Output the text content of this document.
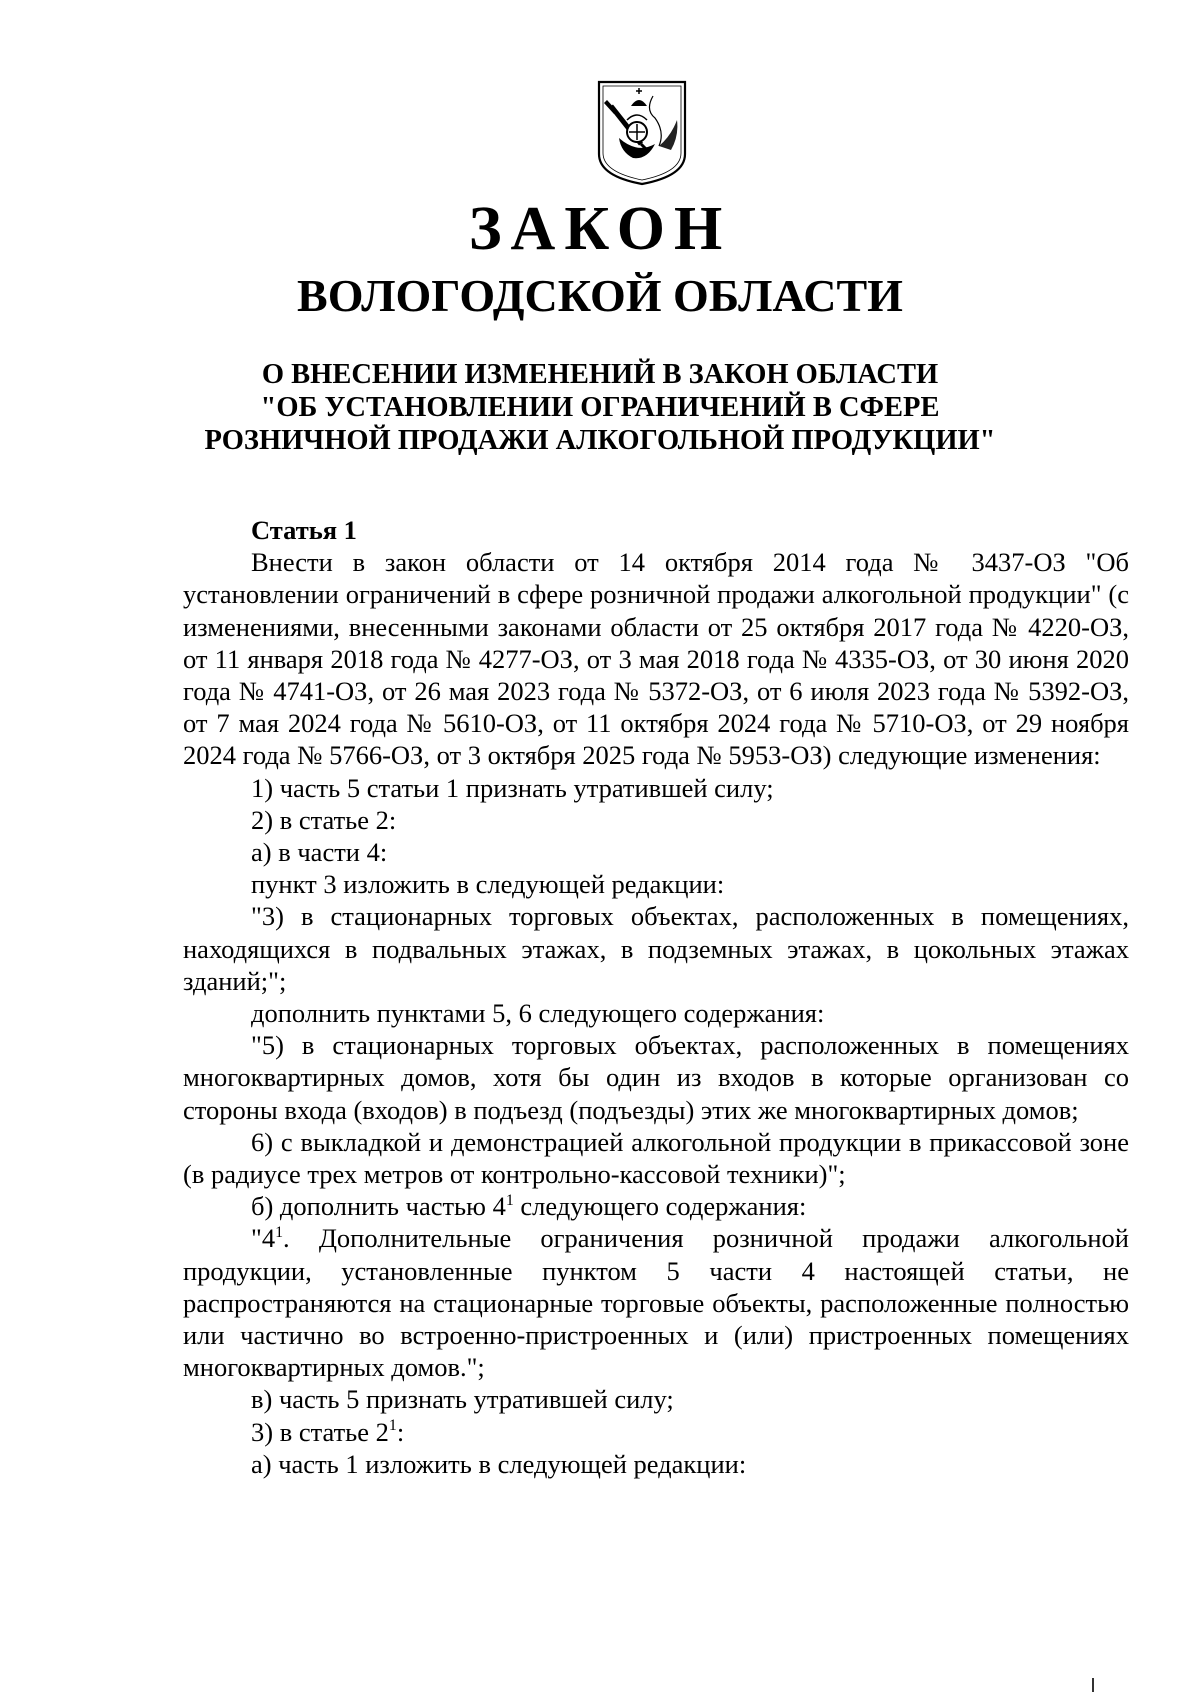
ЗАКОН
ВОЛОГОДСКОЙ ОБЛАСТИ
О ВНЕСЕНИИ ИЗМЕНЕНИЙ В ЗАКОН ОБЛАСТИ
"ОБ УСТАНОВЛЕНИИ ОГРАНИЧЕНИЙ В СФЕРЕ
РОЗНИЧНОЙ ПРОДАЖИ АЛКОГОЛЬНОЙ ПРОДУКЦИИ"

Статья 1

Внести в закон области от 14 октября 2014 года № 3437-ОЗ "Об установлении ограничений в сфере розничной продажи алкогольной продукции" (с изменениями, внесенными законами области от 25 октября 2017 года № 4220-ОЗ, от 11 января 2018 года № 4277-ОЗ, от 3 мая 2018 года № 4335-ОЗ, от 30 июня 2020 года № 4741-ОЗ, от 26 мая 2023 года № 5372-ОЗ, от 6 июля 2023 года № 5392-ОЗ, от 7 мая 2024 года № 5610-ОЗ, от 11 октября 2024 года № 5710-ОЗ, от 29 ноября 2024 года № 5766-ОЗ, от 3 октября 2025 года № 5953-ОЗ) следующие изменения:

1) часть 5 статьи 1 признать утратившей силу;

2) в статье 2:

а) в части 4:

пункт 3 изложить в следующей редакции:

"3) в стационарных торговых объектах, расположенных в помещениях, находящихся в подвальных этажах, в подземных этажах, в цокольных этажах зданий;";

дополнить пунктами 5, 6 следующего содержания:

"5) в стационарных торговых объектах, расположенных в помещениях многоквартирных домов, хотя бы один из входов в которые организован со стороны входа (входов) в подъезд (подъезды) этих же многоквартирных домов;

6) с выкладкой и демонстрацией алкогольной продукции в прикассовой зоне (в радиусе трех метров от контрольно-кассовой техники)";

б) дополнить частью $4^1$ следующего содержания:

"$4^1$. Дополнительные ограничения розничной продажи алкогольной продукции, установленные пунктом 5 части 4 настоящей статьи, не распространяются на стационарные торговые объекты, расположенные полностью или частично во встроенно-пристроенных и (или) пристроенных помещениях многоквартирных домов.";

в) часть 5 признать утратившей силу;

3) в статье $2^1$:

а) часть 1 изложить в следующей редакции:
